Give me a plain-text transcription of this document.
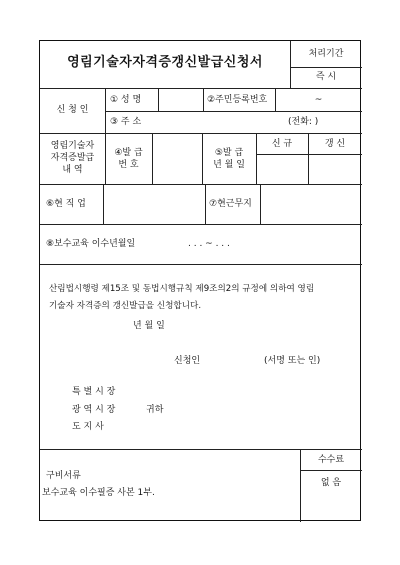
영림기술자자격증갱신발급신청서
처리기간
즉 시
신 청 인
① 성 명	②주민등록번호	~
③ 주 소	(전화: )
영림기술자
자격증발급
내 역
④발 급
번 호
⑤발 급
년 월 일
신 규	갱 신
⑥현 직 업	⑦현근무지
⑧보수교육 이수년월일	. . . ~ . . .
산림법시행령 제15조 및 동법시행규칙 제9조의2의 규정에 의하여 영림
기술자 자격증의 갱신발급을 신청합니다.
년 월 일
신청인	(서명 또는 인)
특 별 시 장
광 역 시 장	귀하
도 지 사
구비서류
보수교육 이수필증 사본 1부.
수수료
없 음
